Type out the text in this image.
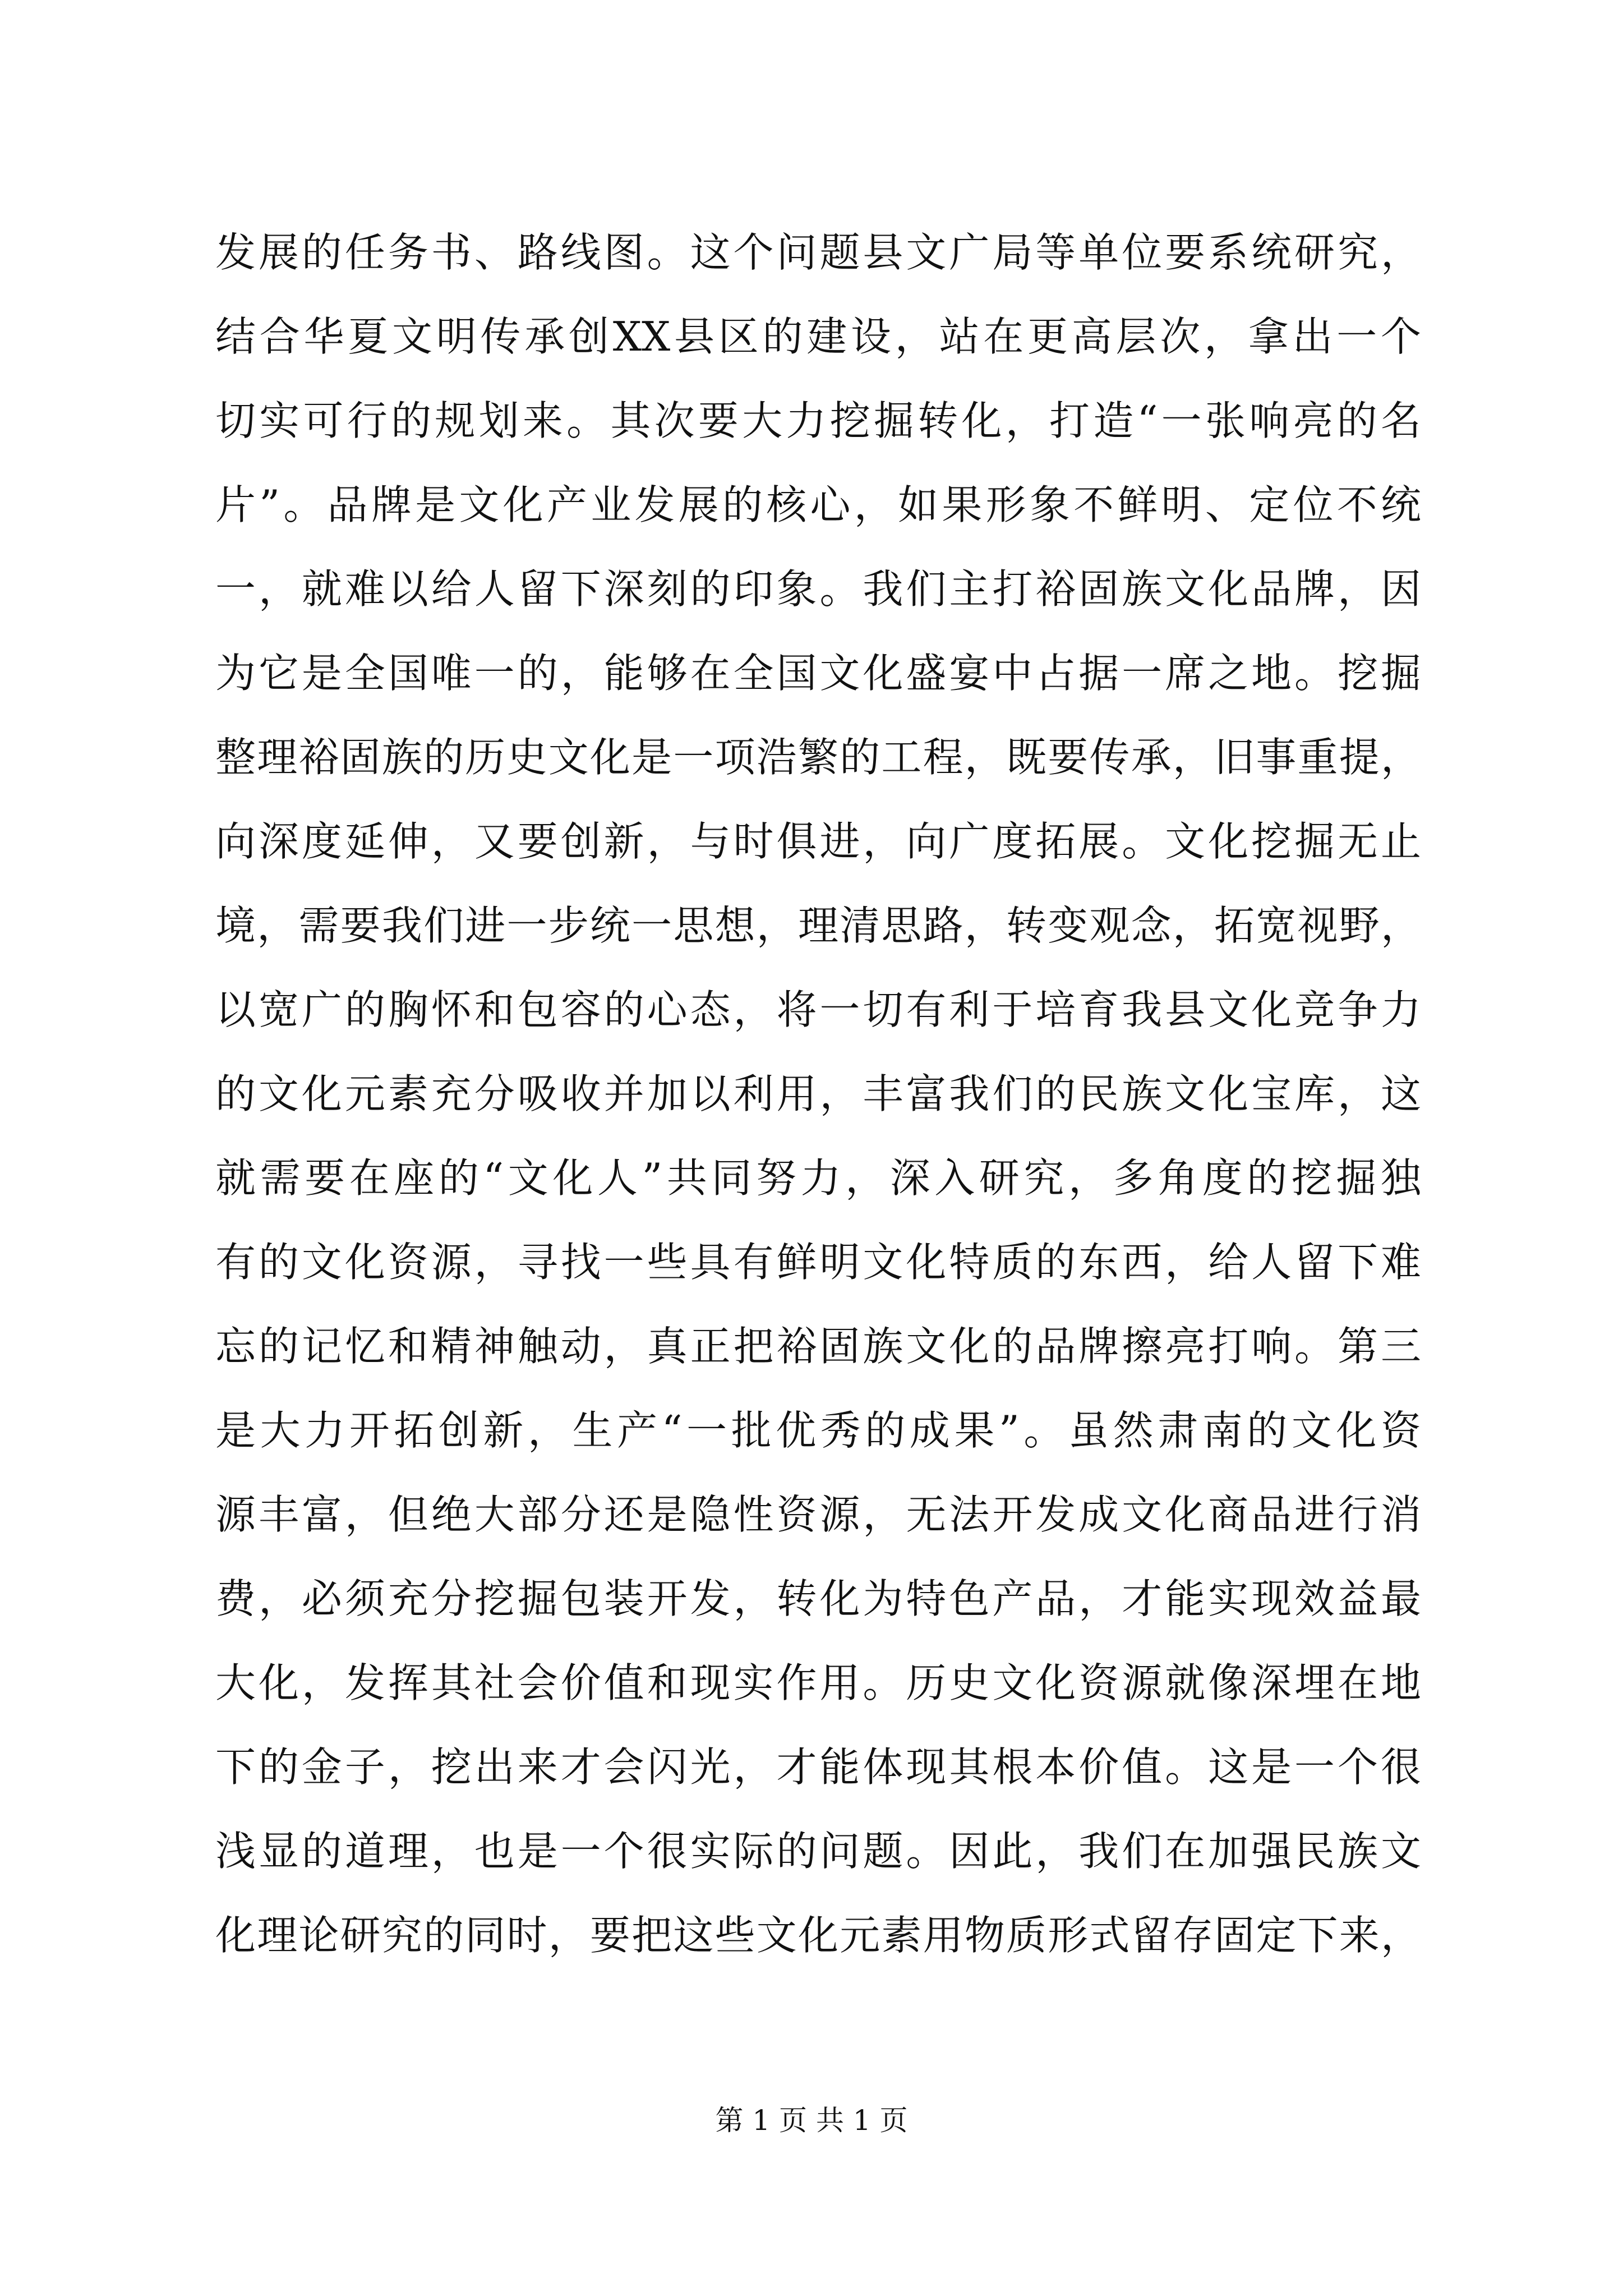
发展的任务书、路线图。这个问题县文广局等单位要系统研究，
结合华夏文明传承创XX县区的建设，站在更高层次，拿出一个
切实可行的规划来。其次要大力挖掘转化，打造“一张响亮的名
片”。品牌是文化产业发展的核心，如果形象不鲜明、定位不统
一，就难以给人留下深刻的印象。我们主打裕固族文化品牌，因
为它是全国唯一的，能够在全国文化盛宴中占据一席之地。挖掘
整理裕固族的历史文化是一项浩繁的工程，既要传承，旧事重提，
向深度延伸，又要创新，与时俱进，向广度拓展。文化挖掘无止
境，需要我们进一步统一思想，理清思路，转变观念，拓宽视野，
以宽广的胸怀和包容的心态，将一切有利于培育我县文化竞争力
的文化元素充分吸收并加以利用，丰富我们的民族文化宝库，这
就需要在座的“文化人”共同努力，深入研究，多角度的挖掘独
有的文化资源，寻找一些具有鲜明文化特质的东西，给人留下难
忘的记忆和精神触动，真正把裕固族文化的品牌擦亮打响。第三
是大力开拓创新，生产“一批优秀的成果”。虽然肃南的文化资
源丰富，但绝大部分还是隐性资源，无法开发成文化商品进行消
费，必须充分挖掘包装开发，转化为特色产品，才能实现效益最
大化，发挥其社会价值和现实作用。历史文化资源就像深埋在地
下的金子，挖出来才会闪光，才能体现其根本价值。这是一个很
浅显的道理，也是一个很实际的问题。因此，我们在加强民族文
化理论研究的同时，要把这些文化元素用物质形式留存固定下来，
第 1 页 共 1 页
